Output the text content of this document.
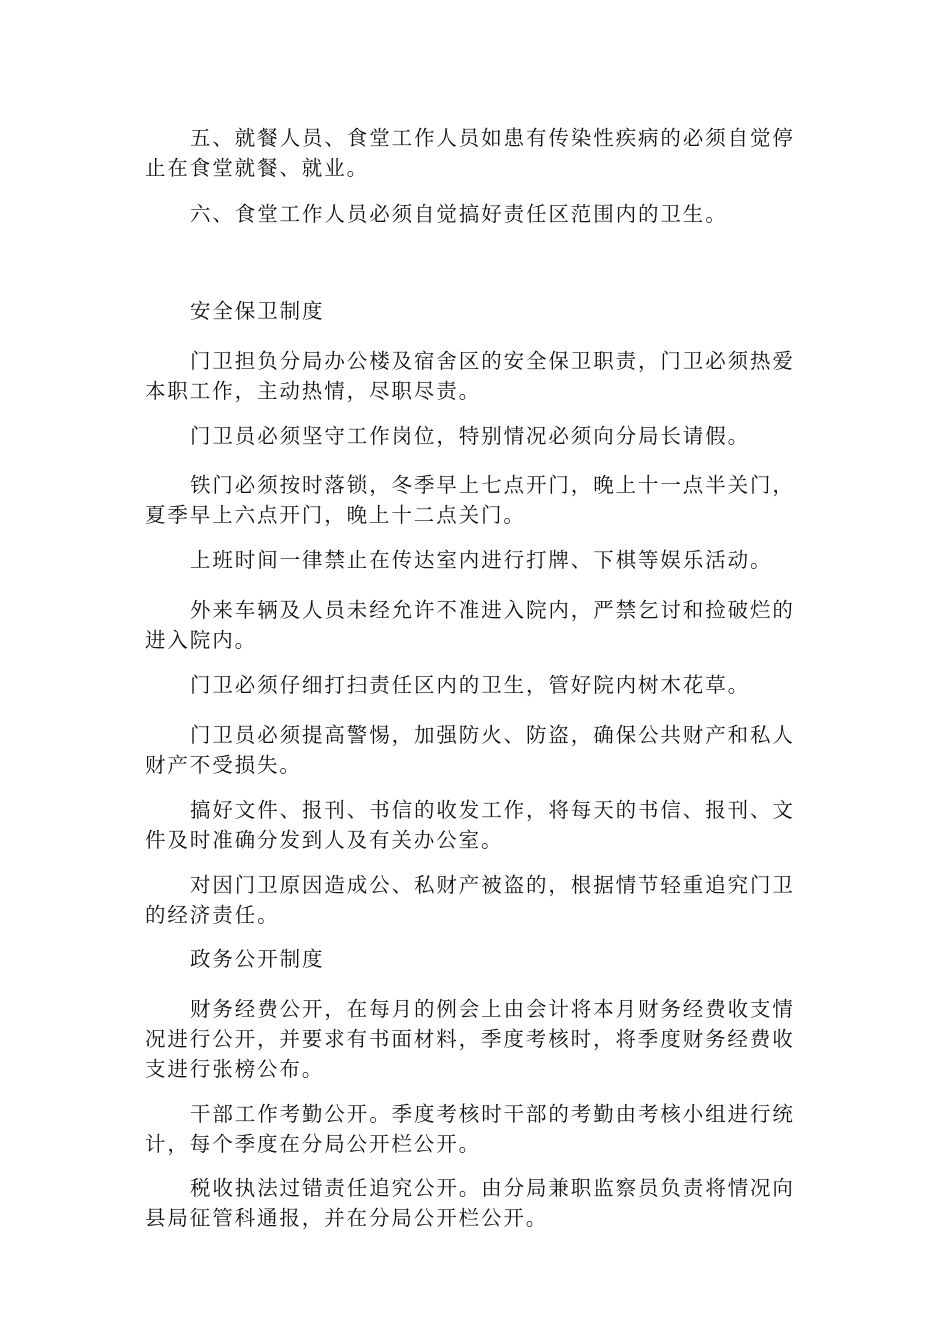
五、就餐人员、食堂工作人员如患有传染性疾病的必须自觉停止在食堂就餐、就业。

六、食堂工作人员必须自觉搞好责任区范围内的卫生。

安全保卫制度

门卫担负分局办公楼及宿舍区的安全保卫职责，门卫必须热爱本职工作，主动热情，尽职尽责。

门卫员必须坚守工作岗位，特别情况必须向分局长请假。

铁门必须按时落锁，冬季早上七点开门，晚上十一点半关门，夏季早上六点开门，晚上十二点关门。

上班时间一律禁止在传达室内进行打牌、下棋等娱乐活动。

外来车辆及人员未经允许不准进入院内，严禁乞讨和捡破烂的进入院内。

门卫必须仔细打扫责任区内的卫生，管好院内树木花草。

门卫员必须提高警惕，加强防火、防盗，确保公共财产和私人财产不受损失。

搞好文件、报刊、书信的收发工作，将每天的书信、报刊、文件及时准确分发到人及有关办公室。

对因门卫原因造成公、私财产被盗的，根据情节轻重追究门卫的经济责任。

政务公开制度

财务经费公开，在每月的例会上由会计将本月财务经费收支情况进行公开，并要求有书面材料，季度考核时，将季度财务经费收支进行张榜公布。

干部工作考勤公开。季度考核时干部的考勤由考核小组进行统计，每个季度在分局公开栏公开。

税收执法过错责任追究公开。由分局兼职监察员负责将情况向县局征管科通报，并在分局公开栏公开。
